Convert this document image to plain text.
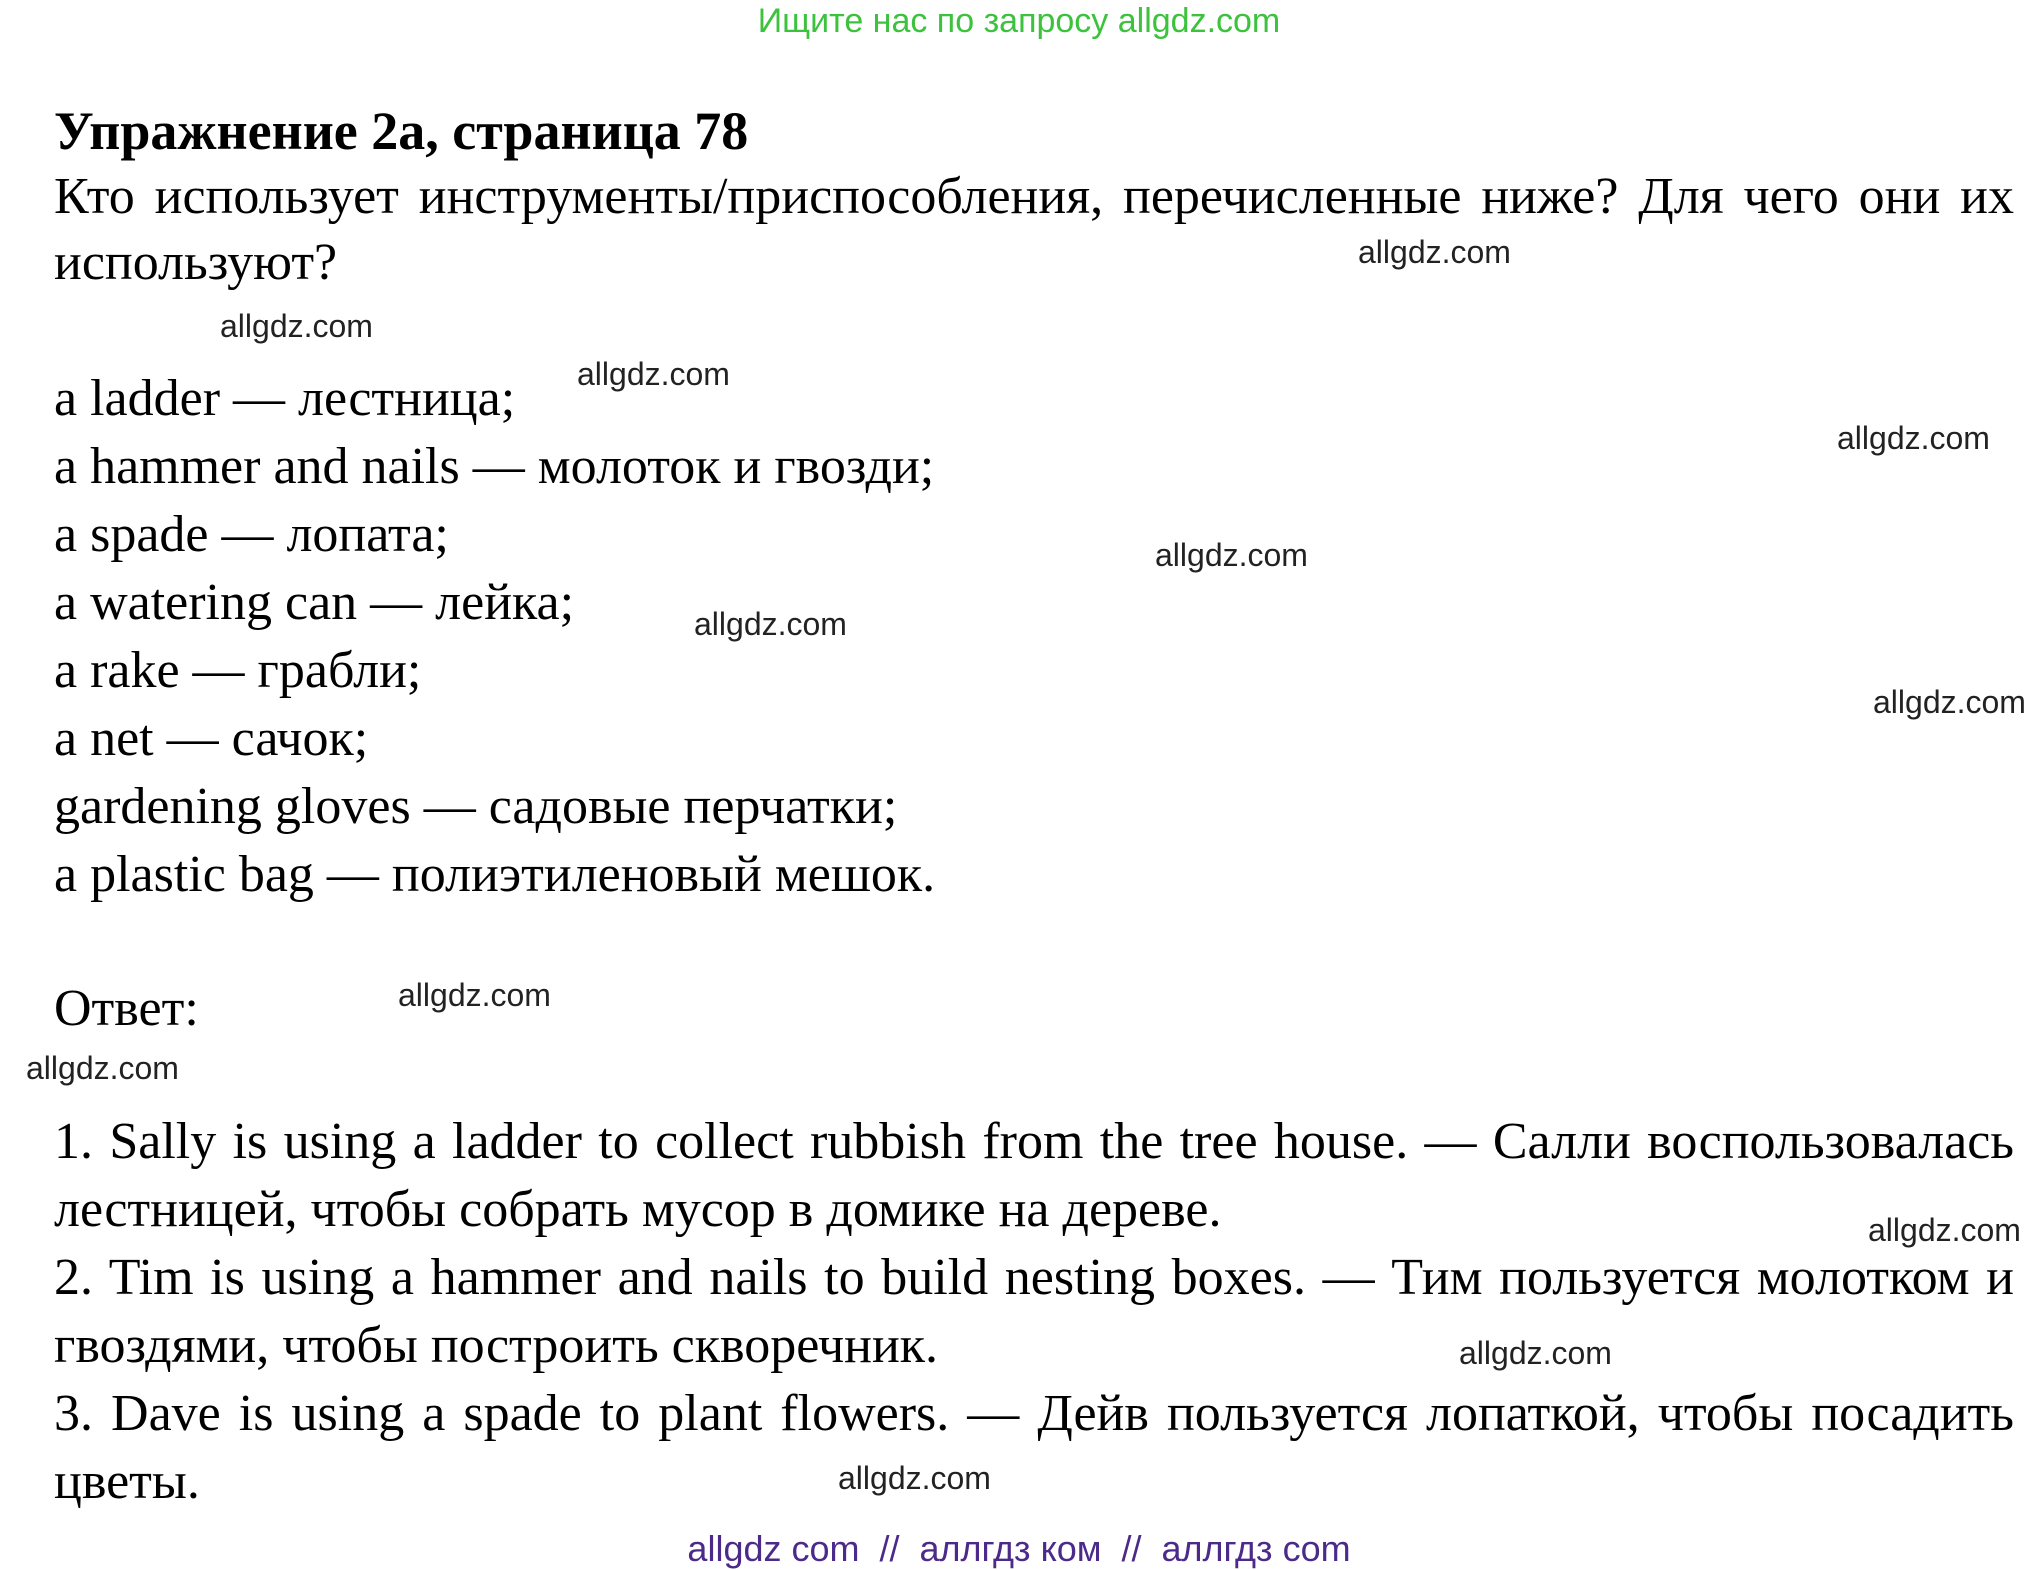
Ищите нас по запросу allgdz.com
Упражнение 2а, страница 78

Кто использует инструменты/приспособления, перечисленные ниже? Для чего они их используют?

a ladder — лестница;
a hammer and nails — молоток и гвозди;
a spade — лопата;
a watering can — лейка;
a rake — грабли;
a net — сачок;
gardening gloves — садовые перчатки;
a plastic bag — полиэтиленовый мешок.
Ответ:
1. Sally is using a ladder to collect rubbish from the tree house. — Салли воспользовалась лестницей, чтобы собрать мусор в домике на дереве.
2. Tim is using a hammer and nails to build nesting boxes. — Тим пользуется молотком и гвоздями, чтобы построить скворечник.
3. Dave is using a spade to plant flowers. — Дейв пользуется лопаткой, чтобы посадить цветы.
allgdz.com
allgdz.com
allgdz.com
allgdz.com
allgdz.com
allgdz.com
allgdz.com
allgdz.com
allgdz.com
allgdz.com
allgdz.com
allgdz.com
allgdz com  //  аллгдз ком  //  аллгдз com
